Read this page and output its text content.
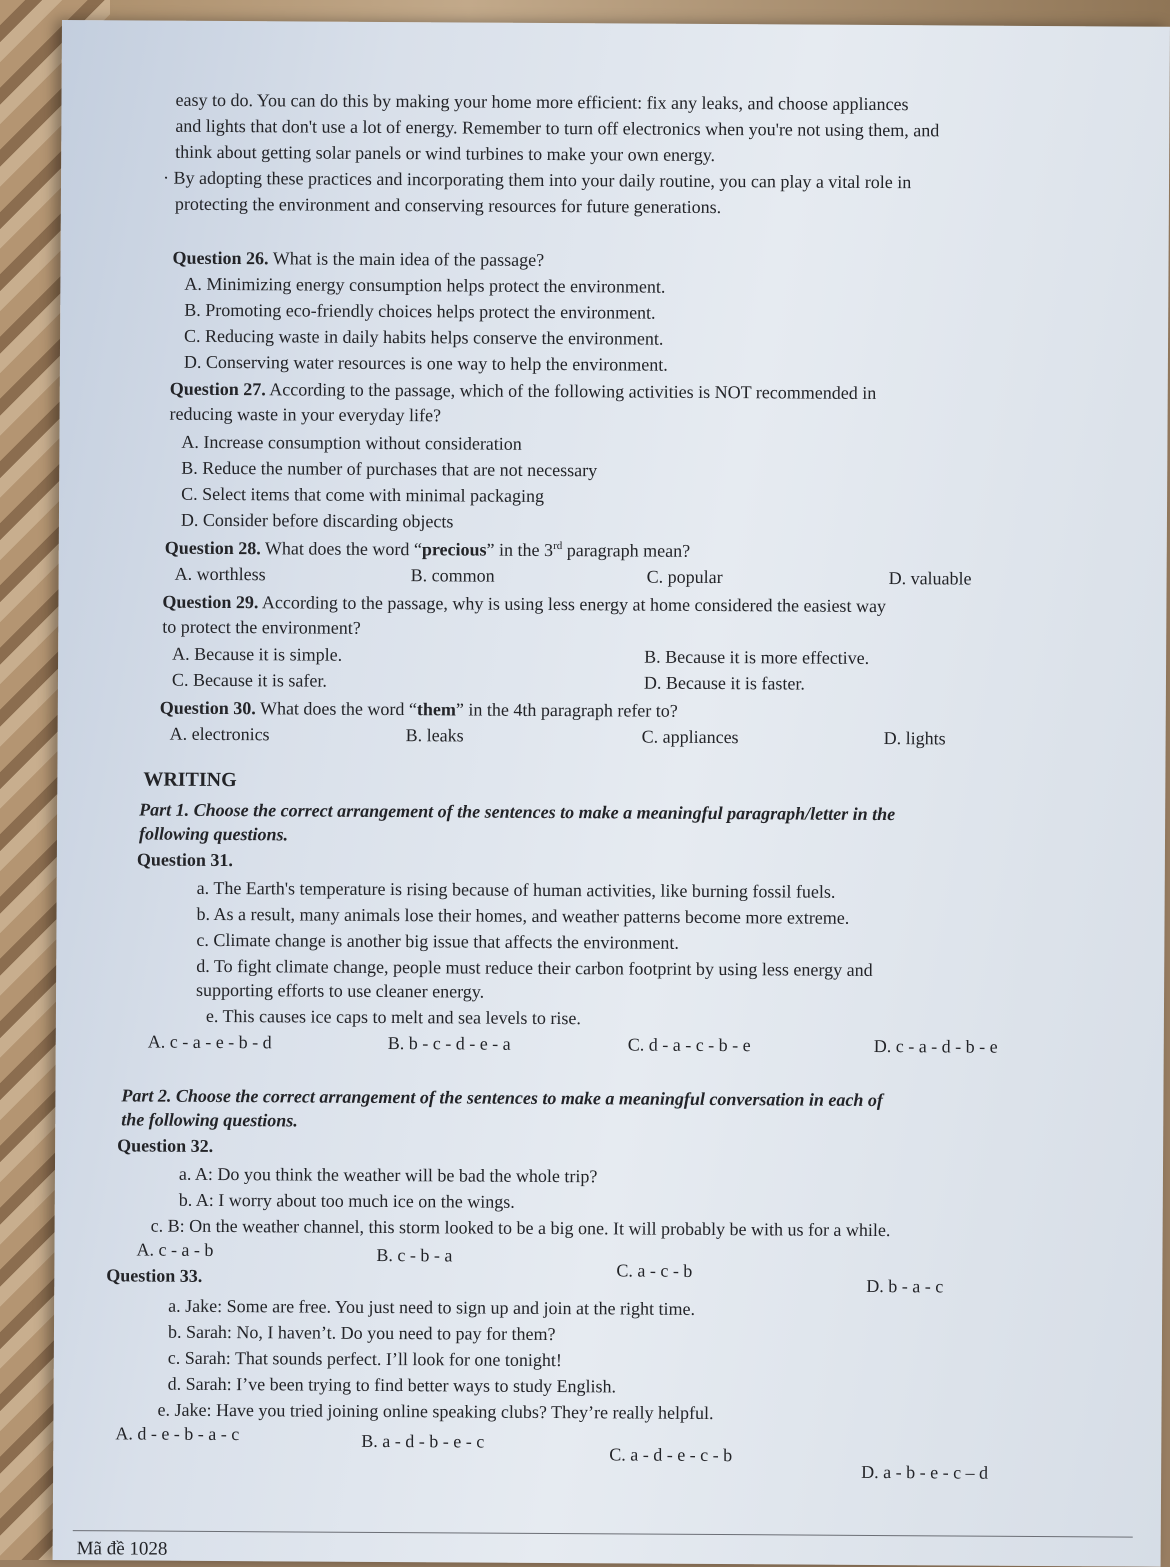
easy to do. You can do this by making your home more efficient: fix any leaks, and choose appliances
and lights that don't use a lot of energy. Remember to turn off electronics when you're not using them, and
think about getting solar panels or wind turbines to make your own energy.
· By adopting these practices and incorporating them into your daily routine, you can play a vital role in
protecting the environment and conserving resources for future generations.
Question 26. What is the main idea of the passage?
A. Minimizing energy consumption helps protect the environment.
B. Promoting eco-friendly choices helps protect the environment.
C. Reducing waste in daily habits helps conserve the environment.
D. Conserving water resources is one way to help the environment.
Question 27. According to the passage, which of the following activities is NOT recommended in
reducing waste in your everyday life?
A. Increase consumption without consideration
B. Reduce the number of purchases that are not necessary
C. Select items that come with minimal packaging
D. Consider before discarding objects
Question 28. What does the word “precious” in the 3rd paragraph mean?
A. worthless	B. common	C. popular	D. valuable
Question 29. According to the passage, why is using less energy at home considered the easiest way
to protect the environment?
A. Because it is simple.	B. Because it is more effective.
C. Because it is safer.	D. Because it is faster.
Question 30. What does the word “them” in the 4th paragraph refer to?
A. electronics	B. leaks	C. appliances	D. lights
WRITING
Part 1. Choose the correct arrangement of the sentences to make a meaningful paragraph/letter in the
following questions.
Question 31.
a. The Earth's temperature is rising because of human activities, like burning fossil fuels.
b. As a result, many animals lose their homes, and weather patterns become more extreme.
c. Climate change is another big issue that affects the environment.
d. To fight climate change, people must reduce their carbon footprint by using less energy and
supporting efforts to use cleaner energy.
e. This causes ice caps to melt and sea levels to rise.
A. c - a - e - b - d	B. b - c - d - e - a	C. d - a - c - b - e	D. c - a - d - b - e
Part 2. Choose the correct arrangement of the sentences to make a meaningful conversation in each of
the following questions.
Question 32.
a. A: Do you think the weather will be bad the whole trip?
b. A: I worry about too much ice on the wings.
c. B: On the weather channel, this storm looked to be a big one. It will probably be with us for a while.
A. c - a - b	B. c - b - a
C. a - c - b
D. b - a - c
Question 33.
a. Jake: Some are free. You just need to sign up and join at the right time.
b. Sarah: No, I haven’t. Do you need to pay for them?
c. Sarah: That sounds perfect. I’ll look for one tonight!
d. Sarah: I’ve been trying to find better ways to study English.
e. Jake: Have you tried joining online speaking clubs? They’re really helpful.
A. d - e - b - a - c	B. a - d - b - e - c
C. a - d - e - c - b
D. a - b - e - c – d
Mã đề 1028
